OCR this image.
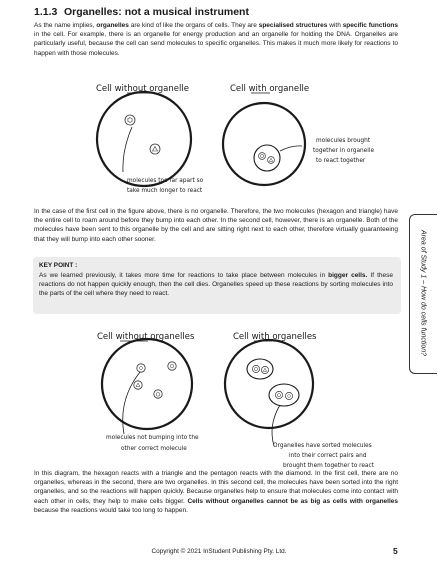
1.1.3 Organelles: not a musical instrument
As the name implies, organelles are kind of like the organs of cells. They are specialised structures with specific functions in the cell. For example, there is an organelle for energy production and an organelle for holding the DNA. Organelles are particularly useful, because the cell can send molecules to specific organelles. This makes it much more likely for reactions to happen with those molecules.
Cell without organelle	Cell with organelle
molecules too far apart so
take much longer to react
molecules brought
together in organelle
to react together
Cell without organelles	Cell with organelles
molecules not bumping into the
other correct molecule	Organelles have sorted molecules
into their correct pairs and
brought them together to react
In the case of the first cell in the figure above, there is no organelle. Therefore, the two molecules (hexagon and triangle) have the entire cell to roam around before they bump into each other. In the second cell, however, there is an organelle. Both of the molecules have been sent to this organelle by the cell and are sitting right next to each other, therefore virtually guaranteeing that they will bump into each other sooner.
KEY POINT :
As we learned previously, it takes more time for reactions to take place between molecules in bigger cells. If these reactions do not happen quickly enough, then the cell dies. Organelles speed up these reactions by sorting molecules into the parts of the cell where they need to react.
In this diagram, the hexagon reacts with a triangle and the pentagon reacts with the diamond. In the first cell, there are no organelles, whereas in the second, there are two organelles. In this second cell, the molecules have been sorted into the right organelles, and so the reactions will happen quickly. Because organelles help to ensure that molecules come into contact with each other in cells, they help to make cells bigger. Cells without organelles cannot be as big as cells with organelles because the reactions would take too long to happen.
Area of Study 1 – How do cells function?
Copyright © 2021 InStudent Publishing Pty. Ltd.	5
